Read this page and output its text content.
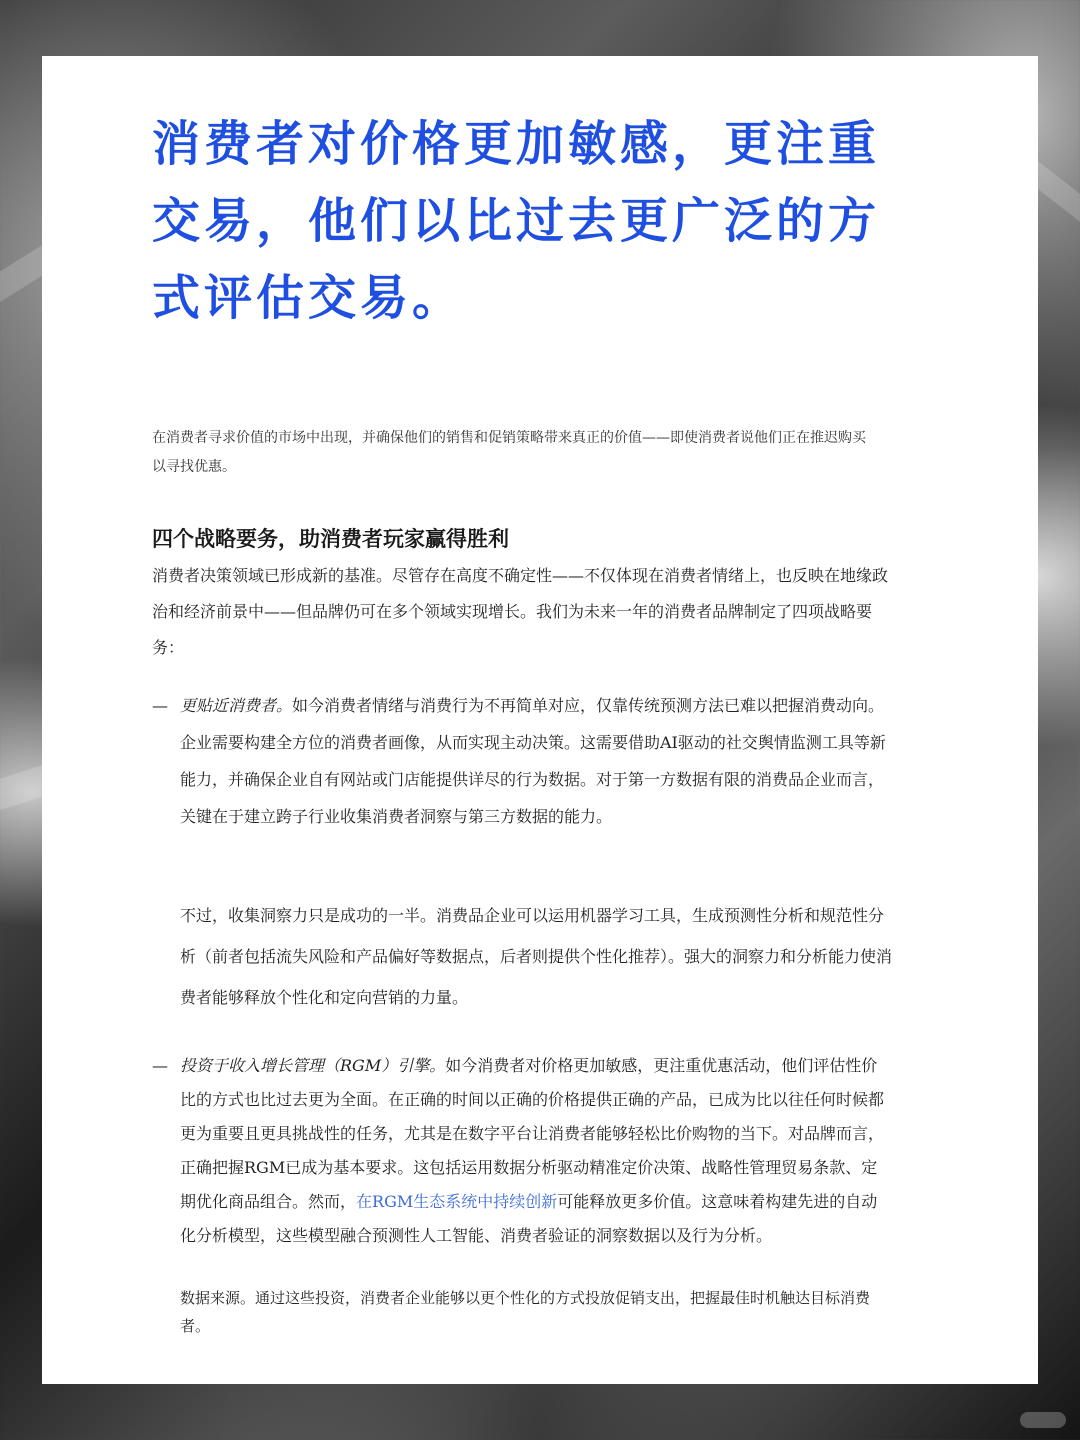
消费者对价格更加敏感，更注重交易，他们以比过去更广泛的方式评估交易。

在消费者寻求价值的市场中出现，并确保他们的销售和促销策略带来真正的价值——即使消费者说他们正在推迟购买以寻找优惠。

四个战略要务，助消费者玩家赢得胜利

消费者决策领域已形成新的基准。尽管存在高度不确定性——不仅体现在消费者情绪上，也反映在地缘政治和经济前景中——但品牌仍可在多个领域实现增长。我们为未来一年的消费者品牌制定了四项战略要务：

— 更贴近消费者。如今消费者情绪与消费行为不再简单对应，仅靠传统预测方法已难以把握消费动向。企业需要构建全方位的消费者画像，从而实现主动决策。这需要借助AI驱动的社交舆情监测工具等新能力，并确保企业自有网站或门店能提供详尽的行为数据。对于第一方数据有限的消费品企业而言，关键在于建立跨子行业收集消费者洞察与第三方数据的能力。

不过，收集洞察力只是成功的一半。消费品企业可以运用机器学习工具，生成预测性分析和规范性分析（前者包括流失风险和产品偏好等数据点，后者则提供个性化推荐）。强大的洞察力和分析能力使消费者能够释放个性化和定向营销的力量。

— 投资于收入增长管理（RGM）引擎。如今消费者对价格更加敏感，更注重优惠活动，他们评估性价比的方式也比过去更为全面。在正确的时间以正确的价格提供正确的产品，已成为比以往任何时候都更为重要且更具挑战性的任务，尤其是在数字平台让消费者能够轻松比价购物的当下。对品牌而言，正确把握RGM已成为基本要求。这包括运用数据分析驱动精准定价决策、战略性管理贸易条款、定期优化商品组合。然而，在RGM生态系统中持续创新可能释放更多价值。这意味着构建先进的自动化分析模型，这些模型融合预测性人工智能、消费者验证的洞察数据以及行为分析。

数据来源。通过这些投资，消费者企业能够以更个性化的方式投放促销支出，把握最佳时机触达目标消费者。
